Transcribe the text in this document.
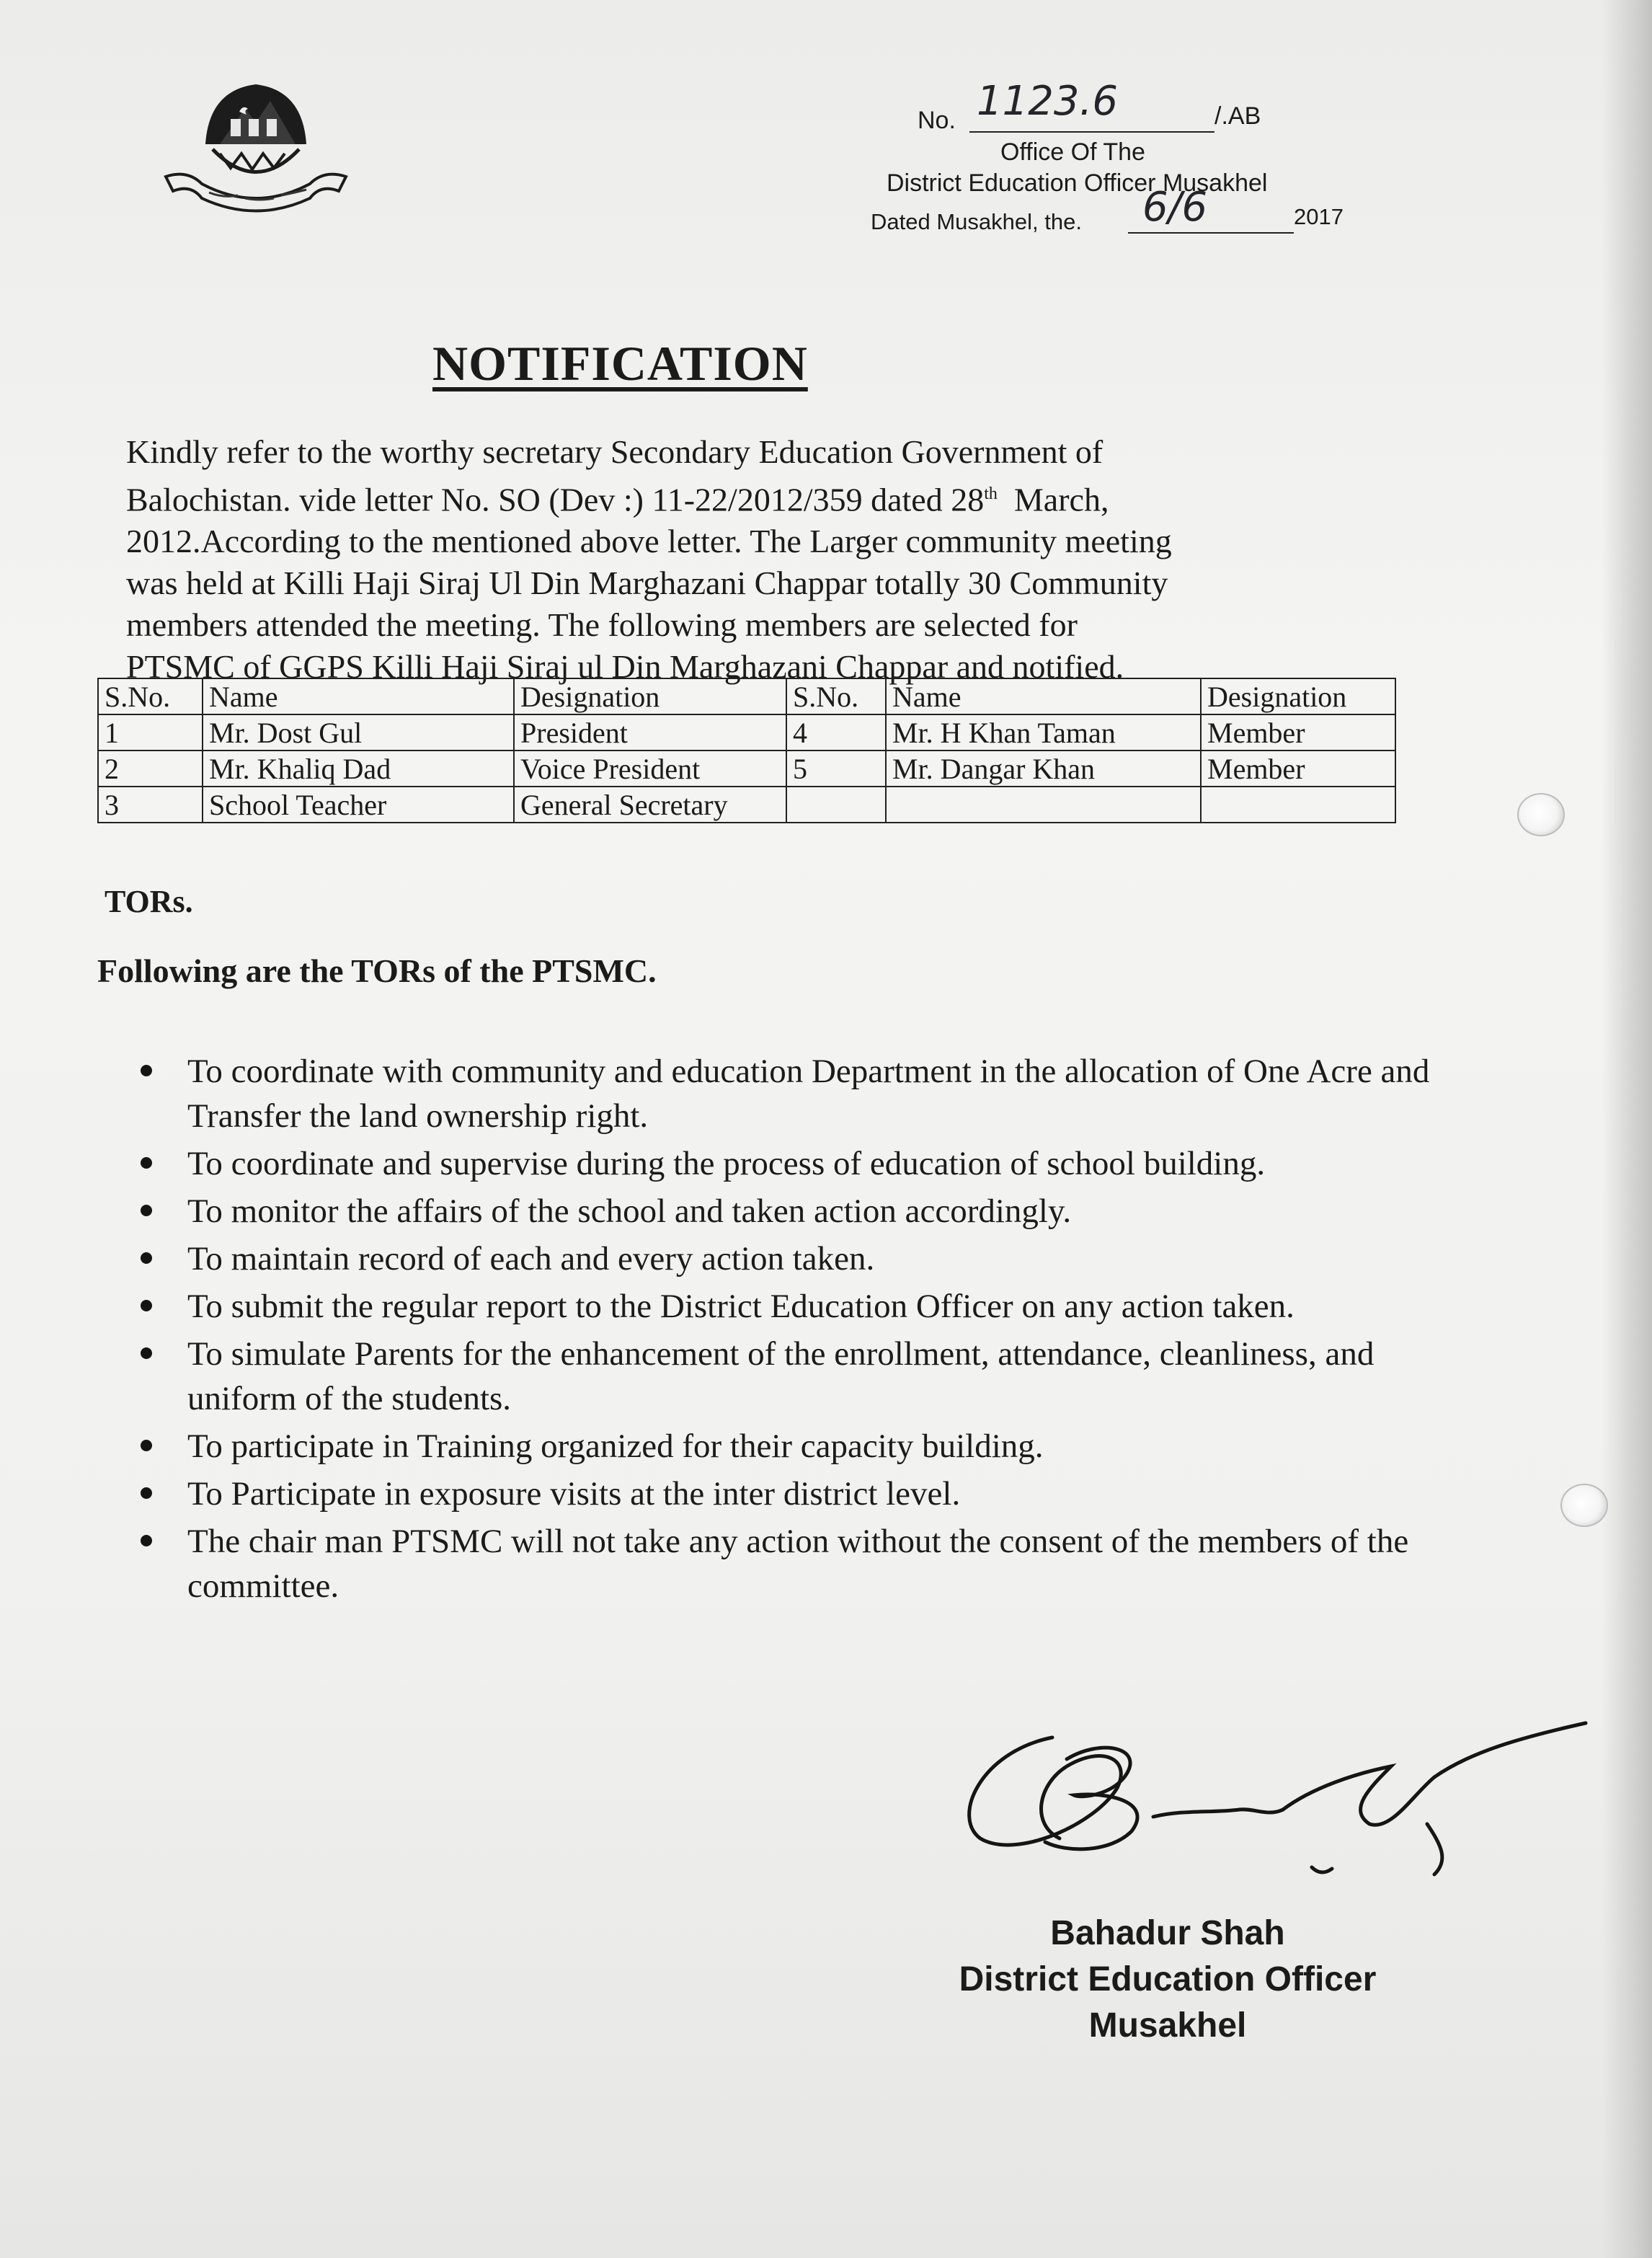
No. 1123.6	/.AB
Office Of The
District Education Officer Musakhel
Dated Musakhel, the. 6/6	2017
NOTIFICATION
Kindly refer to the worthy secretary Secondary Education Government of
Balochistan. vide letter No. SO (Dev :) 11-22/2012/359 dated 28th March,
2012.According to the mentioned above letter. The Larger community meeting
was held at Killi Haji Siraj Ul Din Marghazani Chappar totally 30 Community
members attended the meeting. The following members are selected for
PTSMC of GGPS Killi Haji Siraj ul Din Marghazani Chappar and notified.
S.No.	Name	Designation	S.No.	Name	Designation
1	Mr. Dost Gul	President	4	Mr. H Khan Taman	Member
2	Mr. Khaliq Dad	Voice President	5	Mr. Dangar Khan	Member
3	School Teacher	General Secretary			
TORs.
Following are the TORs of the PTSMC.
To coordinate with community and education Department in the allocation of One Acre and Transfer the land ownership right.
To coordinate and supervise during the process of education of school building.
To monitor the affairs of the school and taken action accordingly.
To maintain record of each and every action taken.
To submit the regular report to the District Education Officer on any action taken.
To simulate Parents for the enhancement of the enrollment, attendance, cleanliness, and uniform of the students.
To participate in Training organized for their capacity building.
To Participate in exposure visits at the inter district level.
The chair man PTSMC will not take any action without the consent of the members of the committee.
Bahadur Shah
District Education Officer
Musakhel
